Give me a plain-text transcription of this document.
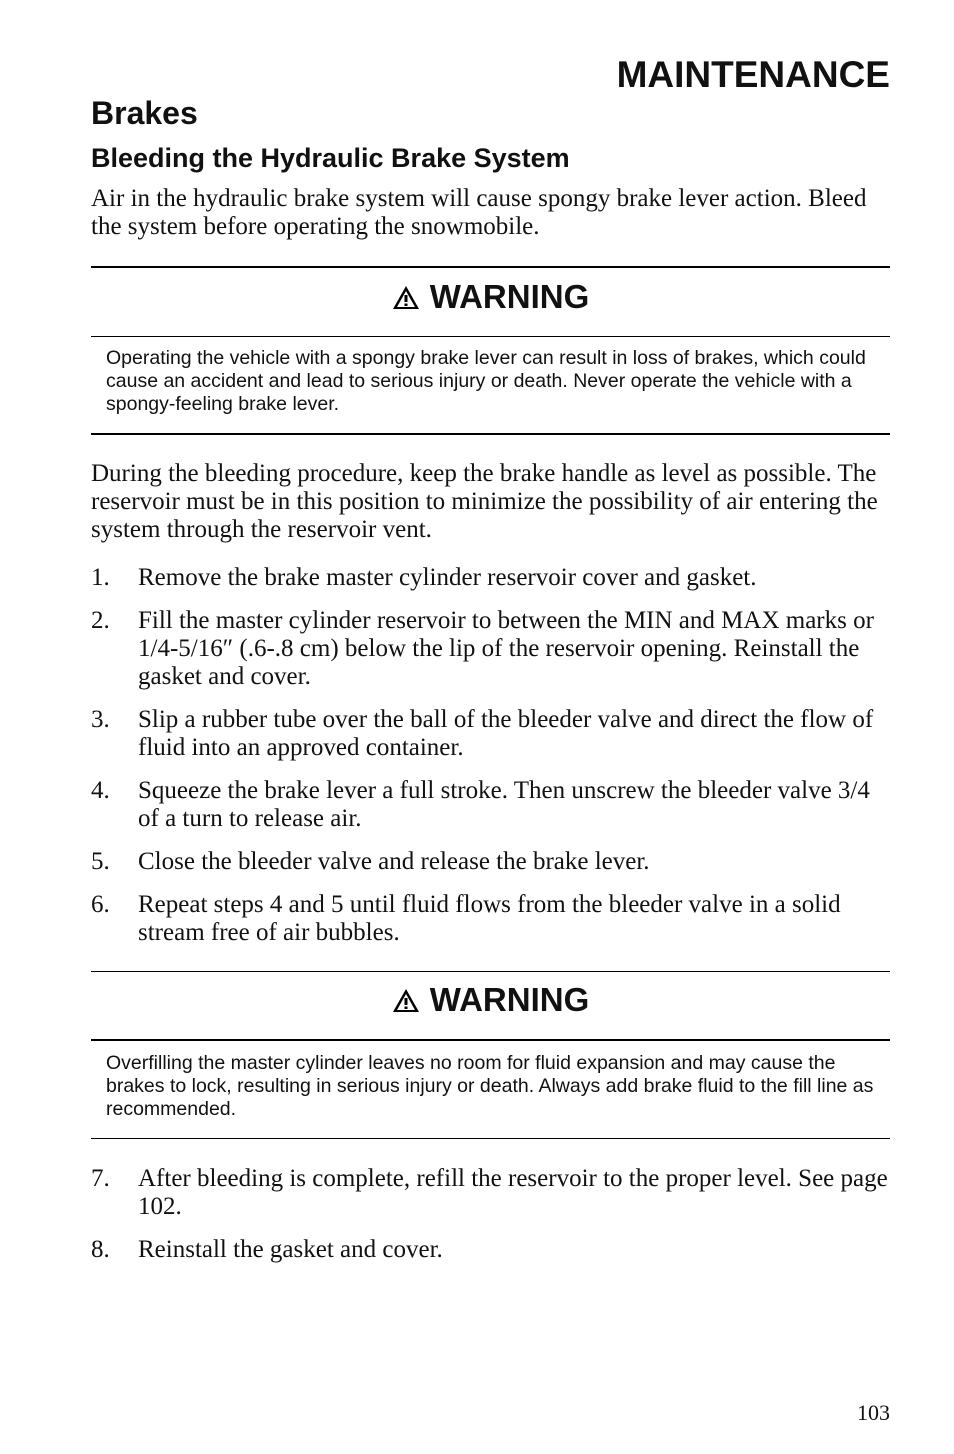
MAINTENANCE
Brakes
Bleeding the Hydraulic Brake System

Air in the hydraulic brake system will cause spongy brake lever action. Bleed the system before operating the snowmobile.

WARNING

Operating the vehicle with a spongy brake lever can result in loss of brakes, which could cause an accident and lead to serious injury or death. Never operate the vehicle with a spongy-feeling brake lever.

During the bleeding procedure, keep the brake handle as level as possible. The reservoir must be in this position to minimize the possibility of air entering the system through the reservoir vent.

1. Remove the brake master cylinder reservoir cover and gasket.
2. Fill the master cylinder reservoir to between the MIN and MAX marks or 1/4-5/16″ (.6-.8 cm) below the lip of the reservoir opening. Reinstall the gasket and cover.
3. Slip a rubber tube over the ball of the bleeder valve and direct the flow of fluid into an approved container.
4. Squeeze the brake lever a full stroke. Then unscrew the bleeder valve 3/4 of a turn to release air.
5. Close the bleeder valve and release the brake lever.
6. Repeat steps 4 and 5 until fluid flows from the bleeder valve in a solid stream free of air bubbles.
WARNING

Overfilling the master cylinder leaves no room for fluid expansion and may cause the brakes to lock, resulting in serious injury or death. Always add brake fluid to the fill line as recommended.

7. After bleeding is complete, refill the reservoir to the proper level. See page 102.
8. Reinstall the gasket and cover.
103
